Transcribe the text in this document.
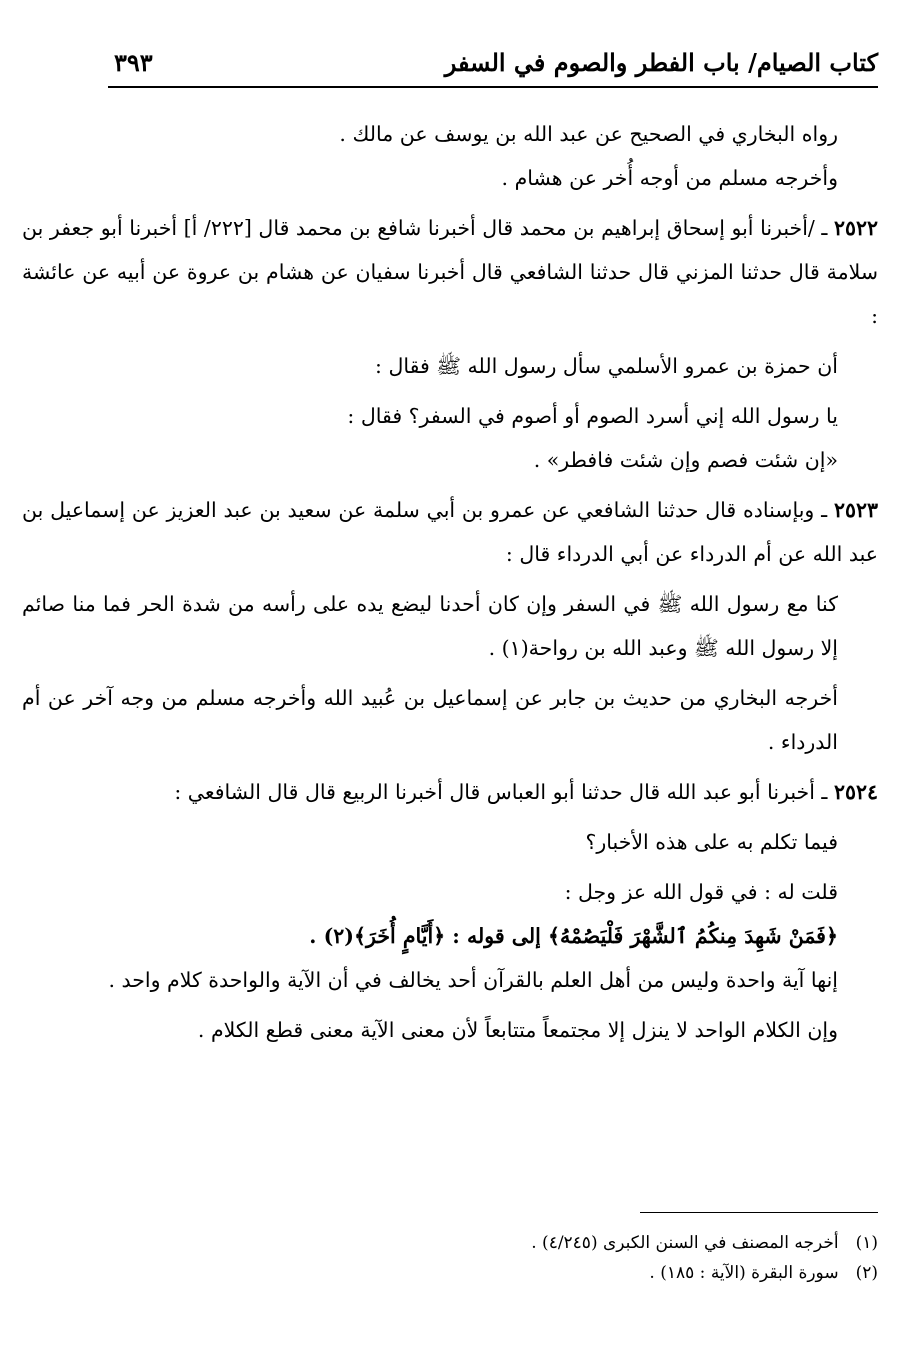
كتاب الصيام/ باب الفطر والصوم في السفر
٣٩٣

رواه البخاري في الصحيح عن عبد الله بن يوسف عن مالك .

وأخرجه مسلم من أوجه أُخر عن هشام .

٢٥٢٢ ـ /أخبرنا أبو إسحاق إبراهيم بن محمد قال أخبرنا شافع بن محمد قال [٢٢٢/ أ] أخبرنا أبو جعفر بن سلامة قال حدثنا المزني قال حدثنا الشافعي قال أخبرنا سفيان عن هشام بن عروة عن أبيه عن عائشة :

أن حمزة بن عمرو الأسلمي سأل رسول الله ﷺ فقال :

يا رسول الله إني أسرد الصوم أو أصوم في السفر؟ فقال :

«إن شئت فصم وإن شئت فافطر» .

٢٥٢٣ ـ وبإسناده قال حدثنا الشافعي عن عمرو بن أبي سلمة عن سعيد بن عبد العزيز عن إسماعيل بن عبد الله عن أم الدرداء عن أبي الدرداء قال :

كنا مع رسول الله ﷺ في السفر وإن كان أحدنا ليضع يده على رأسه من شدة الحر فما منا صائم إلا رسول الله ﷺ وعبد الله بن رواحة(١) .

أخرجه البخاري من حديث بن جابر عن إسماعيل بن عُبيد الله وأخرجه مسلم من وجه آخر عن أم الدرداء .

٢٥٢٤ ـ أخبرنا أبو عبد الله قال حدثنا أبو العباس قال أخبرنا الربيع قال قال الشافعي :

فيما تكلم به على هذه الأخبار؟

قلت له : في قول الله عز وجل :

﴿فَمَنْ شَهِدَ مِنكُمُ ٱلشَّهْرَ فَلْيَصُمْهُ﴾ إلى قوله : ﴿أَيَّامٍ أُخَرَ﴾(٢) .

إنها آية واحدة وليس من أهل العلم بالقرآن أحد يخالف في أن الآية والواحدة كلام واحد .

وإن الكلام الواحد لا ينزل إلا مجتمعاً متتابعاً لأن معنى الآية معنى قطع الكلام .

(١) أخرجه المصنف في السنن الكبرى (٤/٢٤٥) .

(٢) سورة البقرة (الآية : ١٨٥) .
